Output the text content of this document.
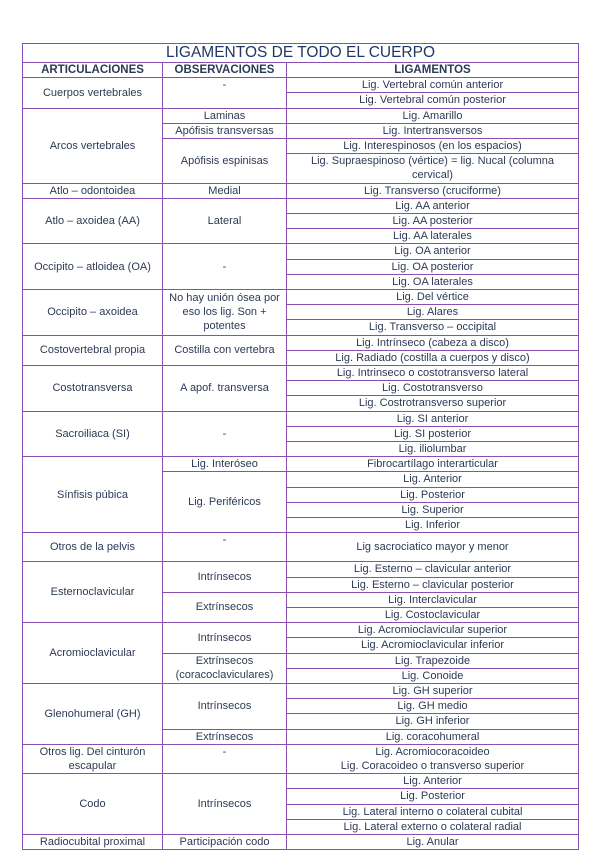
LIGAMENTOS DE TODO EL CUERPO		
ARTICULACIONES	OBSERVACIONES	LIGAMENTOS
Cuerpos vertebrales	-	Lig. Vertebral común anterior
		Lig. Vertebral común posterior
Arcos vertebrales	Laminas	Lig. Amarillo
	Apófisis transversas	Lig. Intertransversos
	Apófisis espinisas	Lig. Interespinosos (en los espacios)
		Lig. Supraespinoso (vértice) = lig. Nucal (columna cervical)
Atlo – odontoidea	Medial	Lig. Transverso (cruciforme)
Atlo – axoidea (AA)	Lateral	Lig. AA anterior
		Lig. AA posterior
		Lig. AA laterales
Occipito – atloidea (OA)	-	Lig. OA anterior
		Lig. OA posterior
		Lig. OA laterales
Occipito – axoidea	No hay unión ósea por eso los lig. Son + potentes	Lig. Del vértice
		Lig. Alares
		Lig. Transverso – occipital
Costovertebral propia	Costilla con vertebra	Lig. Intrínseco (cabeza a disco)
		Lig. Radiado (costilla a cuerpos y disco)
Costotransversa	A apof. transversa	Lig. Intrinseco o costotransverso lateral
		Lig. Costotransverso
		Lig. Costrotransverso superior
Sacroiliaca (SI)	-	Lig. SI anterior
		Lig. SI posterior
		Lig. iliolumbar
Sínfisis púbica	Lig. Interóseo	Fibrocartílago interarticular
	Lig. Periféricos	Lig. Anterior
		Lig. Posterior
		Lig. Superior
		Lig. Inferior
Otros de la pelvis	-	Lig sacrociatico mayor y menor
Esternoclavicular	Intrínsecos	Lig. Esterno – clavicular anterior
		Lig. Esterno – clavicular posterior
	Extrínsecos	Lig. Interclavicular
		Lig. Costoclavicular
Acromioclavicular	Intrínsecos	Lig. Acromioclavicular superior
		Lig. Acromioclavicular inferior
	Extrínsecos (coracoclaviculares)	Lig. Trapezoide
		Lig. Conoide
Glenohumeral (GH)	Intrínsecos	Lig. GH superior
		Lig. GH medio
		Lig. GH inferior
	Extrínsecos	Lig. coracohumeral
Otros lig. Del cinturón escapular	-	Lig. Acromiocoracoideo
Lig. Coracoideo o transverso superior
Codo	Intrínsecos	Lig. Anterior
		Lig. Posterior
		Lig. Lateral interno o colateral cubital
		Lig. Lateral externo o colateral radial
Radiocubital proximal	Participación codo	Lig. Anular
